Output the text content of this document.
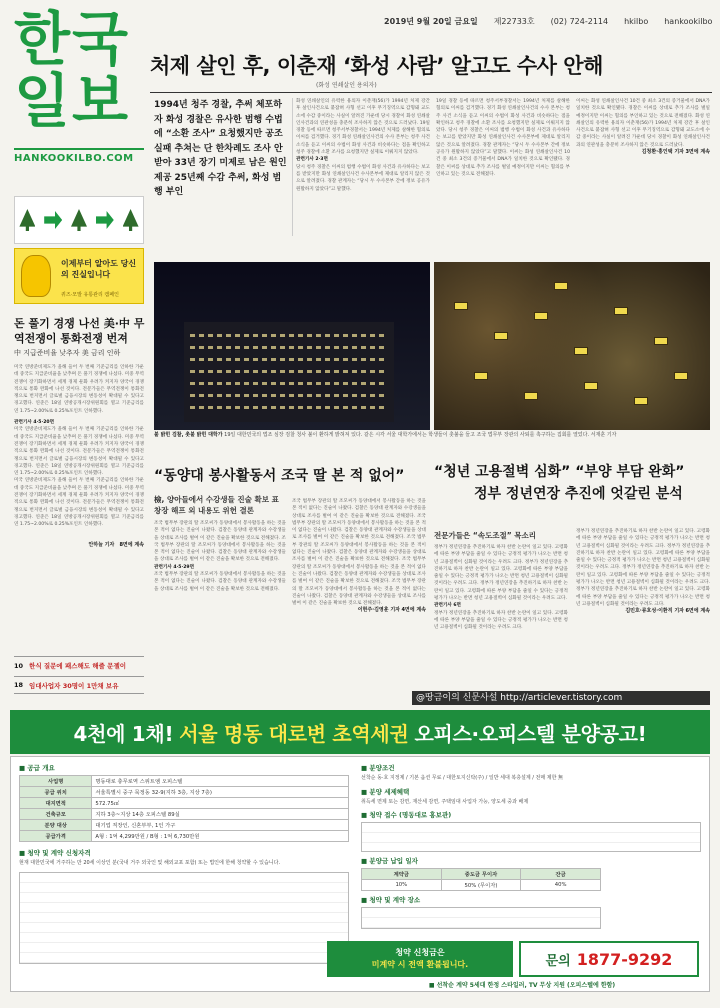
한국
일보
HANKOOKILBO.COM
2019년 9월 20일 금요일 제22733호 (02) 724-2114 hkilbo hankookilbo
처제 살인 후, 이춘재 ‘화성 사람’ 알고도 수사 안해
(화성 연쇄살인 용의자)
이제부터 알아도 당신의 진실입니다
퀴즈·모발 유통관리 캠페인
돈 풀기 경쟁 나선 美·中 무역전쟁이 통화전쟁 번져
中 지급준비율 낮추자 美 금리 인하
미국 연방준비제도가 올해 들어 두 번째 기준금리를 인하한 가운데 중국도 지급준비율을 낮추며 돈 풀기 경쟁에 나섰다. 미중 무역전쟁이 장기화하면서 세계 경제 둔화 우려가 커지자 양국이 경쟁적으로 통화 완화에 나선 것이다. 전문가들은 무역전쟁이 통화전쟁으로 번지면서 글로벌 금융시장의 변동성이 확대될 수 있다고 경고했다. 연준은 18일 연방공개시장위원회를 열고 기준금리를 연 1.75~2.00%로 0.25%포인트 인하했다.
관련기사 4·5·20면
미국 연방준비제도가 올해 들어 두 번째 기준금리를 인하한 가운데 중국도 지급준비율을 낮추며 돈 풀기 경쟁에 나섰다. 미중 무역전쟁이 장기화하면서 세계 경제 둔화 우려가 커지자 양국이 경쟁적으로 통화 완화에 나선 것이다. 전문가들은 무역전쟁이 통화전쟁으로 번지면서 글로벌 금융시장의 변동성이 확대될 수 있다고 경고했다. 연준은 18일 연방공개시장위원회를 열고 기준금리를 연 1.75~2.00%로 0.25%포인트 인하했다.
미국 연방준비제도가 올해 들어 두 번째 기준금리를 인하한 가운데 중국도 지급준비율을 낮추며 돈 풀기 경쟁에 나섰다. 미중 무역전쟁이 장기화하면서 세계 경제 둔화 우려가 커지자 양국이 경쟁적으로 통화 완화에 나선 것이다. 전문가들은 무역전쟁이 통화전쟁으로 번지면서 글로벌 금융시장의 변동성이 확대될 수 있다고 경고했다. 연준은 18일 연방공개시장위원회를 열고 기준금리를 연 1.75~2.00%로 0.25%포인트 인하했다.
안하늘 기자 8면에 계속
10 한식 질문에 패스해도 해줄 문젤이
18 임대사업자 30명이 1만채 보유
1994년 청주 경찰, 추써 체포하자 화성 경찰은 유사한 범행 수법에 “소환 조사” 요청했지만 공조 실패 추쳐는 단 한차례도 조사 안 받아 33년 장기 미제로 남은 원인 제공 25년째 수감 추써, 화성 범행 부인
화성 연쇄살인의 유력한 용의자 이춘재(56)가 1994년 처제 강간 후 살인사건으로 붙잡혀 사형 선고 이후 무기징역으로 감형돼 교도소에 수감 중이라는 사실이 알려진 가운데 당시 경찰이 화성 연쇄살인사건과의 연관성을 충분히 조사하지 않은 것으로 드러났다. 19일 경찰 등에 따르면 청주서부경찰서는 1994년 처제를 살해한 혐의로 이씨를 검거했다. 경기 화성 연쇄살인사건의 수사 본부는 청주 사건 소식을 듣고 이씨의 수법이 화성 사건과 비슷하다는 점을 확인하고 청주 경찰에 소환 조사를 요청했지만 실제로 이뤄지지 않았다.
관련기사 2·3면
당시 청주 경찰은 이씨의 범행 수법이 화성 사건과 유사하다는 보고를 받았지만 화성 연쇄살인사건 수사본부에 제대로 알리지 않은 것으로 알려졌다. 경찰 관계자는 “당시 두 수사본부 간에 정보 공유가 원활하지 않았다”고 말했다.
19일 경찰 등에 따르면 청주서부경찰서는 1994년 처제를 살해한 혐의로 이씨를 검거했다. 경기 화성 연쇄살인사건의 수사 본부는 청주 사건 소식을 듣고 이씨의 수법이 화성 사건과 비슷하다는 점을 확인하고 청주 경찰에 소환 조사를 요청했지만 실제로 이뤄지지 않았다. 당시 청주 경찰은 이씨의 범행 수법이 화성 사건과 유사하다는 보고를 받았지만 화성 연쇄살인사건 수사본부에 제대로 알리지 않은 것으로 알려졌다. 경찰 관계자는 “당시 두 수사본부 간에 정보 공유가 원활하지 않았다”고 말했다. 이씨는 화성 연쇄살인사건 10건 중 최소 3건의 증거물에서 DNA가 일치한 것으로 확인됐다. 경찰은 이씨를 상대로 추가 조사를 벌일 예정이지만 이씨는 혐의를 부인하고 있는 것으로 전해졌다.
이씨는 화성 연쇄살인사건 10건 중 최소 3건의 증거물에서 DNA가 일치한 것으로 확인됐다. 경찰은 이씨를 상대로 추가 조사를 벌일 예정이지만 이씨는 혐의를 부인하고 있는 것으로 전해졌다. 화성 연쇄살인의 유력한 용의자 이춘재(56)가 1994년 처제 강간 후 살인사건으로 붙잡혀 사형 선고 이후 무기징역으로 감형돼 교도소에 수감 중이라는 사실이 알려진 가운데 당시 경찰이 화성 연쇄살인사건과의 연관성을 충분히 조사하지 않은 것으로 드러났다.
김청환·홍인택 기자 3면에 계속
불 밝힌 검찰, 촛불 밝힌 대학가 19일 대한민국의 법조 심장 검찰 청사 불이 환하게 밝혀져 있다. 같은 시각 서울 대학가에서는 학생들이 촛불을 들고 조국 법무부 장관의 사퇴를 촉구하는 집회를 열었다. 서재훈 기자
“동양대 봉사활동서 조국 딸 본 적 없어”
檢, 양아들에서 수강생들 진술 확보 표창장 해프 외 내용도 위헌 결론
조국 법무부 장관의 딸 조모씨가 동양대에서 봉사활동을 하는 것을 본 적이 없다는 진술이 나왔다. 검찰은 동양대 관계자와 수강생들을 상대로 조사를 벌여 이 같은 진술을 확보한 것으로 전해졌다. 조국 법무부 장관의 딸 조모씨가 동양대에서 봉사활동을 하는 것을 본 적이 없다는 진술이 나왔다. 검찰은 동양대 관계자와 수강생들을 상대로 조사를 벌여 이 같은 진술을 확보한 것으로 전해졌다.
관련기사 4·5·29면
조국 법무부 장관의 딸 조모씨가 동양대에서 봉사활동을 하는 것을 본 적이 없다는 진술이 나왔다. 검찰은 동양대 관계자와 수강생들을 상대로 조사를 벌여 이 같은 진술을 확보한 것으로 전해졌다.
조국 법무부 장관의 딸 조모씨가 동양대에서 봉사활동을 하는 것을 본 적이 없다는 진술이 나왔다. 검찰은 동양대 관계자와 수강생들을 상대로 조사를 벌여 이 같은 진술을 확보한 것으로 전해졌다. 조국 법무부 장관의 딸 조모씨가 동양대에서 봉사활동을 하는 것을 본 적이 없다는 진술이 나왔다. 검찰은 동양대 관계자와 수강생들을 상대로 조사를 벌여 이 같은 진술을 확보한 것으로 전해졌다. 조국 법무부 장관의 딸 조모씨가 동양대에서 봉사활동을 하는 것을 본 적이 없다는 진술이 나왔다. 검찰은 동양대 관계자와 수강생들을 상대로 조사를 벌여 이 같은 진술을 확보한 것으로 전해졌다. 조국 법무부 장관의 딸 조모씨가 동양대에서 봉사활동을 하는 것을 본 적이 없다는 진술이 나왔다. 검찰은 동양대 관계자와 수강생들을 상대로 조사를 벌여 이 같은 진술을 확보한 것으로 전해졌다. 조국 법무부 장관의 딸 조모씨가 동양대에서 봉사활동을 하는 것을 본 적이 없다는 진술이 나왔다. 검찰은 동양대 관계자와 수강생들을 상대로 조사를 벌여 이 같은 진술을 확보한 것으로 전해졌다.
이현주·김영훈 기자 4면에 계속
“청년 고용절벽 심화” “부양 부담 완화”
정부 정년연장 추진에 엇갈린 분석
전문가들은 “속도조절” 목소리
정부가 정년연장을 추진하기로 하자 찬반 논란이 일고 있다. 고령화에 따른 부양 부담을 줄일 수 있다는 긍정적 평가가 나오는 반면 청년 고용절벽이 심화될 것이라는 우려도 크다. 정부가 정년연장을 추진하기로 하자 찬반 논란이 일고 있다. 고령화에 따른 부양 부담을 줄일 수 있다는 긍정적 평가가 나오는 반면 청년 고용절벽이 심화될 것이라는 우려도 크다. 정부가 정년연장을 추진하기로 하자 찬반 논란이 일고 있다. 고령화에 따른 부양 부담을 줄일 수 있다는 긍정적 평가가 나오는 반면 청년 고용절벽이 심화될 것이라는 우려도 크다.
관련기사 6면
정부가 정년연장을 추진하기로 하자 찬반 논란이 일고 있다. 고령화에 따른 부양 부담을 줄일 수 있다는 긍정적 평가가 나오는 반면 청년 고용절벽이 심화될 것이라는 우려도 크다.
정부가 정년연장을 추진하기로 하자 찬반 논란이 일고 있다. 고령화에 따른 부양 부담을 줄일 수 있다는 긍정적 평가가 나오는 반면 청년 고용절벽이 심화될 것이라는 우려도 크다. 정부가 정년연장을 추진하기로 하자 찬반 논란이 일고 있다. 고령화에 따른 부양 부담을 줄일 수 있다는 긍정적 평가가 나오는 반면 청년 고용절벽이 심화될 것이라는 우려도 크다. 정부가 정년연장을 추진하기로 하자 찬반 논란이 일고 있다. 고령화에 따른 부양 부담을 줄일 수 있다는 긍정적 평가가 나오는 반면 청년 고용절벽이 심화될 것이라는 우려도 크다. 정부가 정년연장을 추진하기로 하자 찬반 논란이 일고 있다. 고령화에 따른 부양 부담을 줄일 수 있다는 긍정적 평가가 나오는 반면 청년 고용절벽이 심화될 것이라는 우려도 크다.
김민호·류호성·이환직 기자 6면에 계속
@땅금이의 신문사설 http://articlever.tistory.com
4천에 1채! 서울 명동 대로변 초역세권 오피스·오피스텔 분양공고!
■ 공급 개요
사업명	명동대로 충무로역 스위트엠 오피스텔
공급 위치	서울특별시 중구 묵정동 32-9(지하 3층, 지상 7층)
대지면적	572.75㎡
건축규모	지하 3층~지상 14층 오피스텔 89실
분양 대상	대기업 직장인, 신혼부부, 1인 가구
공급가격	A형 : 1억 4,299만원 / B형 : 1억 6,730만원
■ 청약 및 계약 신청자격
현재 대한민국에 거주하는 만 20세 이상인 분(국내 거주 외국인 및 해외교포 포함) 또는 법인에 한해 청약할 수 있습니다.
■ 분양조건
선착순 동·호 지정제 / 기본 옵션 무료 / 대한토지신탁(주) / 일반 세대 복층설계 / 전매 제한 無
■ 분양 세제혜택
취득세 면제 또는 감면, 재산세 감면, 주택임대 사업자 가능, 양도세 중과 배제
■ 청약 접수 (명동대로 홍보관)
■ 분양금 납입 일자
계약금	중도금 무이자	잔금
10%	50% (무이자)	40%
■ 청약 및 계약 장소
청약 신청금은
미계약 시 전액 환불됩니다.	문의 1877-9292
■ 선착순 계약 5세대 한정 스타일러, TV 무상 지원 (오피스텔에 한함)
